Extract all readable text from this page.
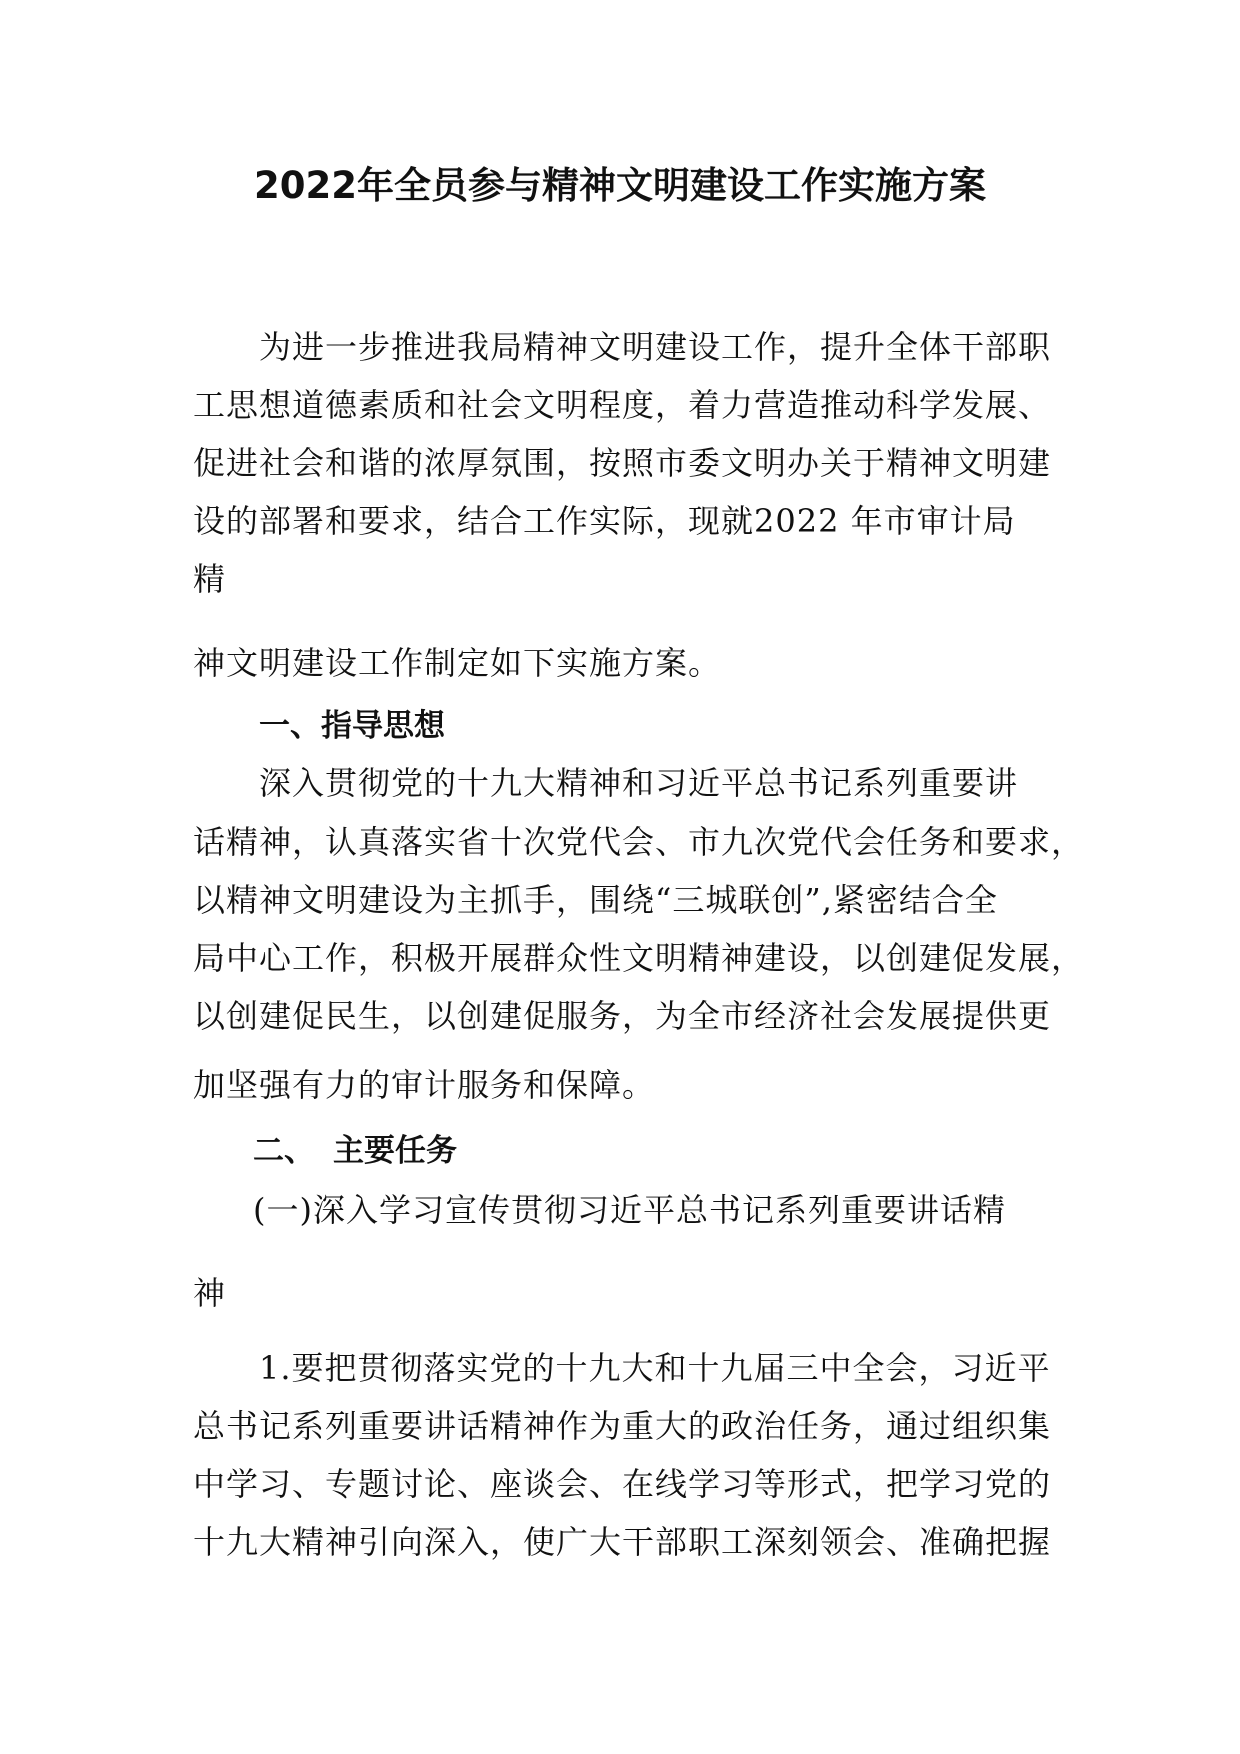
2022年全员参与精神文明建设工作实施方案

为进一步推进我局精神文明建设工作，提升全体干部职

工思想道德素质和社会文明程度，着力营造推动科学发展、

促进社会和谐的浓厚氛围，按照市委文明办关于精神文明建

设的部署和要求，结合工作实际，现就2022 年市审计局

精

神文明建设工作制定如下实施方案。

一、指导思想

深入贯彻党的十九大精神和习近平总书记系列重要讲

话精神，认真落实省十次党代会、市九次党代会任务和要求，

以精神文明建设为主抓手，围绕“三城联创”,紧密结合全

局中心工作，积极开展群众性文明精神建设，以创建促发展，

以创建促民生，以创建促服务，为全市经济社会发展提供更

加坚强有力的审计服务和保障。

二、 主要任务

(一)深入学习宣传贯彻习近平总书记系列重要讲话精

神

1.要把贯彻落实党的十九大和十九届三中全会，习近平

总书记系列重要讲话精神作为重大的政治任务，通过组织集

中学习、专题讨论、座谈会、在线学习等形式，把学习党的

十九大精神引向深入，使广大干部职工深刻领会、准确把握
